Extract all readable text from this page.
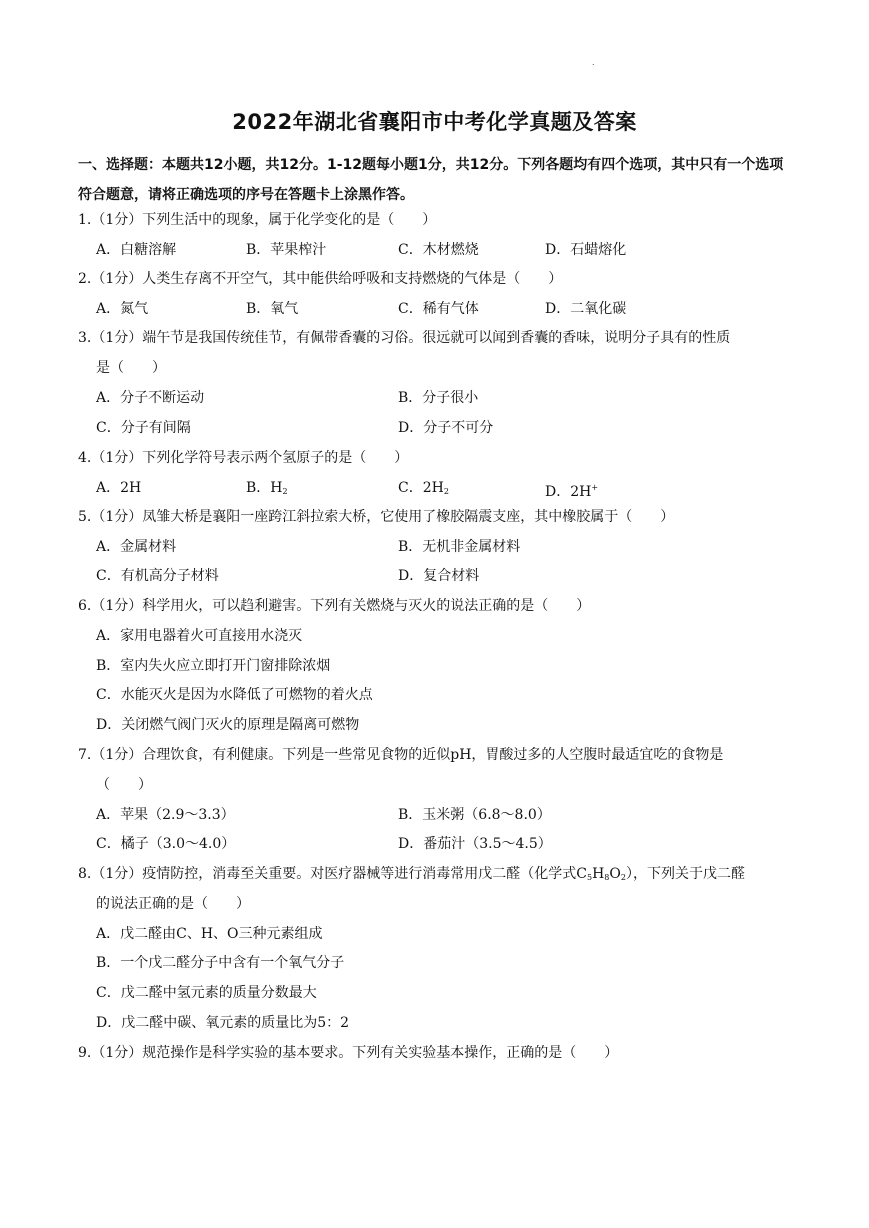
.
2022年湖北省襄阳市中考化学真题及答案
一、选择题：本题共12小题，共12分。1-12题每小题1分，共12分。下列各题均有四个选项，其中只有一个选项符合题意，请将正确选项的序号在答题卡上涂黑作答。
1.（1分）下列生活中的现象，属于化学变化的是（　　）
A．白糖溶解	B．苹果榨汁	C．木材燃烧	D．石蜡熔化
2.（1分）人类生存离不开空气，其中能供给呼吸和支持燃烧的气体是（　　）
A．氮气	B．氧气	C．稀有气体	D．二氧化碳
3.（1分）端午节是我国传统佳节，有佩带香囊的习俗。很远就可以闻到香囊的香味，说明分子具有的性质
是（　　）
A．分子不断运动	B．分子很小
C．分子有间隔	D．分子不可分
4.（1分）下列化学符号表示两个氢原子的是（　　）
A．2H	B．$H_2$	C．$2H_2$	D．2H+
5.（1分）凤雏大桥是襄阳一座跨江斜拉索大桥，它使用了橡胶隔震支座，其中橡胶属于（　　）
A．金属材料	B．无机非金属材料
C．有机高分子材料	D．复合材料
6.（1分）科学用火，可以趋利避害。下列有关燃烧与灭火的说法正确的是（　　）
A．家用电器着火可直接用水浇灭
B．室内失火应立即打开门窗排除浓烟
C．水能灭火是因为水降低了可燃物的着火点
D．关闭燃气阀门灭火的原理是隔离可燃物
7.（1分）合理饮食，有利健康。下列是一些常见食物的近似pH，胃酸过多的人空腹时最适宜吃的食物是
（　　）
A．苹果（2.9～3.3）	B．玉米粥（6.8～8.0）
C．橘子（3.0～4.0）	D．番茄汁（3.5～4.5）
8.（1分）疫情防控，消毒至关重要。对医疗器械等进行消毒常用戊二醛（化学式$C_5H_8O_2$），下列关于戊二醛
的说法正确的是（　　）
A．戊二醛由C、H、O三种元素组成
B．一个戊二醛分子中含有一个氧气分子
C．戊二醛中氢元素的质量分数最大
D．戊二醛中碳、氧元素的质量比为5：2
9.（1分）规范操作是科学实验的基本要求。下列有关实验基本操作，正确的是（　　）
